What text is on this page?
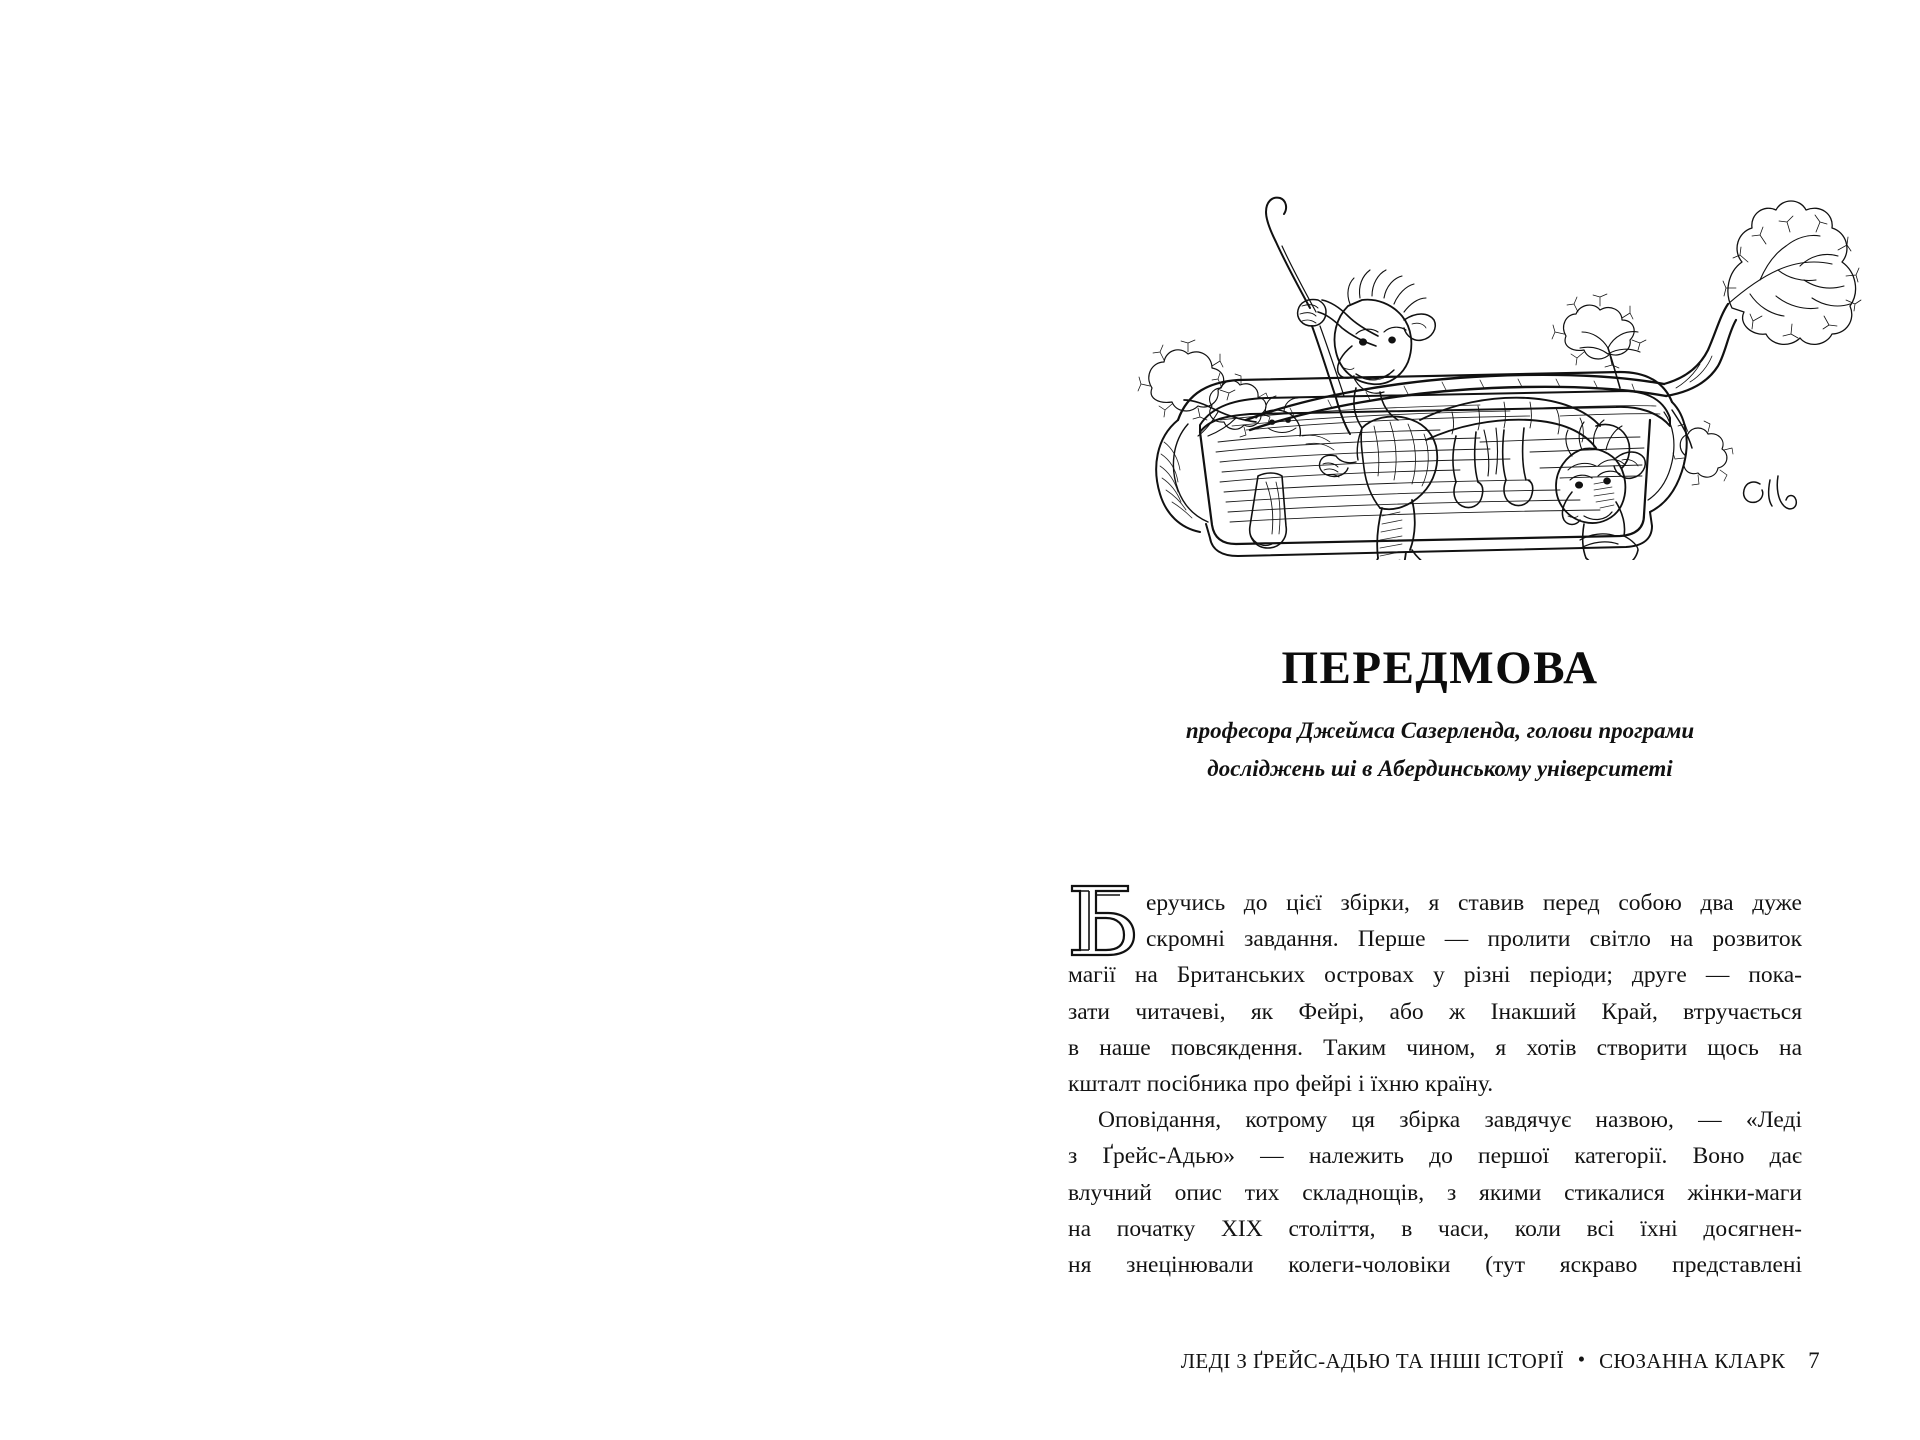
ПЕРЕДМОВА
професора Джеймса Сазерленда, голови програми
досліджень ші в Абердинському університеті
еручись до цієї збірки, я ставив перед собою два дуже
скромні завдання. Перше — пролити світло на розвиток
магії на Британських островах у різні періоди; друге — пока-
зати читачеві, як Фейрі, або ж Інакший Край, втручається
в наше повсякдення. Таким чином, я хотів створити щось на
кшталт посібника про фейрі і їхню країну.
Оповідання, котрому ця збірка завдячує назвою, — «Леді
з Ґрейс-Адью» — належить до першої категорії. Воно дає
влучний опис тих складнощів, з якими стикалися жінки-маги
на початку XIX століття, в часи, коли всі їхні досягнен-
ня знецінювали колеги-чоловіки (тут яскраво представлені
ЛЕДІ З ҐРЕЙС-АДЬЮ ТА ІНШІ ІСТОРІЇ • СЮЗАННА КЛАРК 7
